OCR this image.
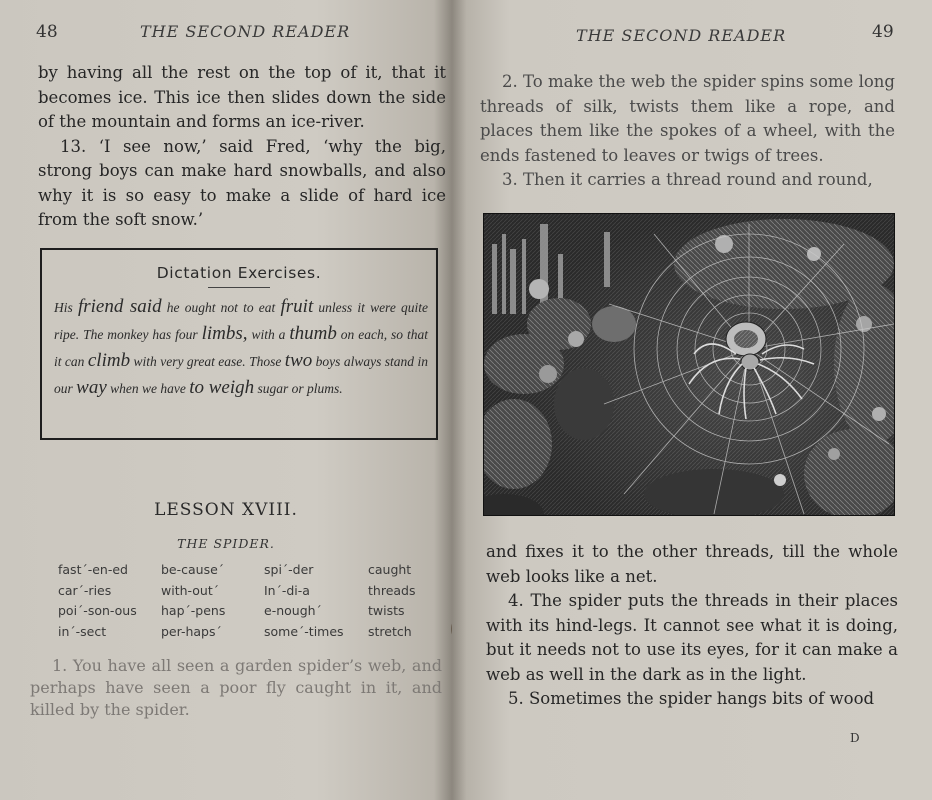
48	THE SECOND READER

by having all the rest on the top of it, that it becomes ice. This ice then slides down the side of the mountain and forms an ice-river.

13. ‘I see now,’ said Fred, ‘why the big, strong boys can make hard snowballs, and also why it is so easy to make a slide of hard ice from the soft snow.’

Dictation Exercises.
His friend said he ought not to eat fruit unless it were quite ripe. The monkey has four limbs, with a thumb on each, so that it can climb with very great ease. Those two boys always stand in our way when we have to weigh sugar or plums.
LESSON XVIII.
THE SPIDER.
fast´-en-ed	be-cause´	spi´-der	caught
car´-ries	with-out´	In´-di-a	threads
poi´-son-ous	hap´-pens	e-nough´	twists
in´-sect	per-haps´	some´-times	stretch

1. You have all seen a garden spider’s web, and perhaps have seen a poor fly caught in it, and killed by the spider.

THE SECOND READER	49

2. To make the web the spider spins some long threads of silk, twists them like a rope, and places them like the spokes of a wheel, with the ends fastened to leaves or twigs of trees.

3. Then it carries a thread round and round,

and fixes it to the other threads, till the whole web looks like a net.

4. The spider puts the threads in their places with its hind-legs. It cannot see what it is doing, but it needs not to use its eyes, for it can make a web as well in the dark as in the light.

5. Sometimes the spider hangs bits of wood

D
